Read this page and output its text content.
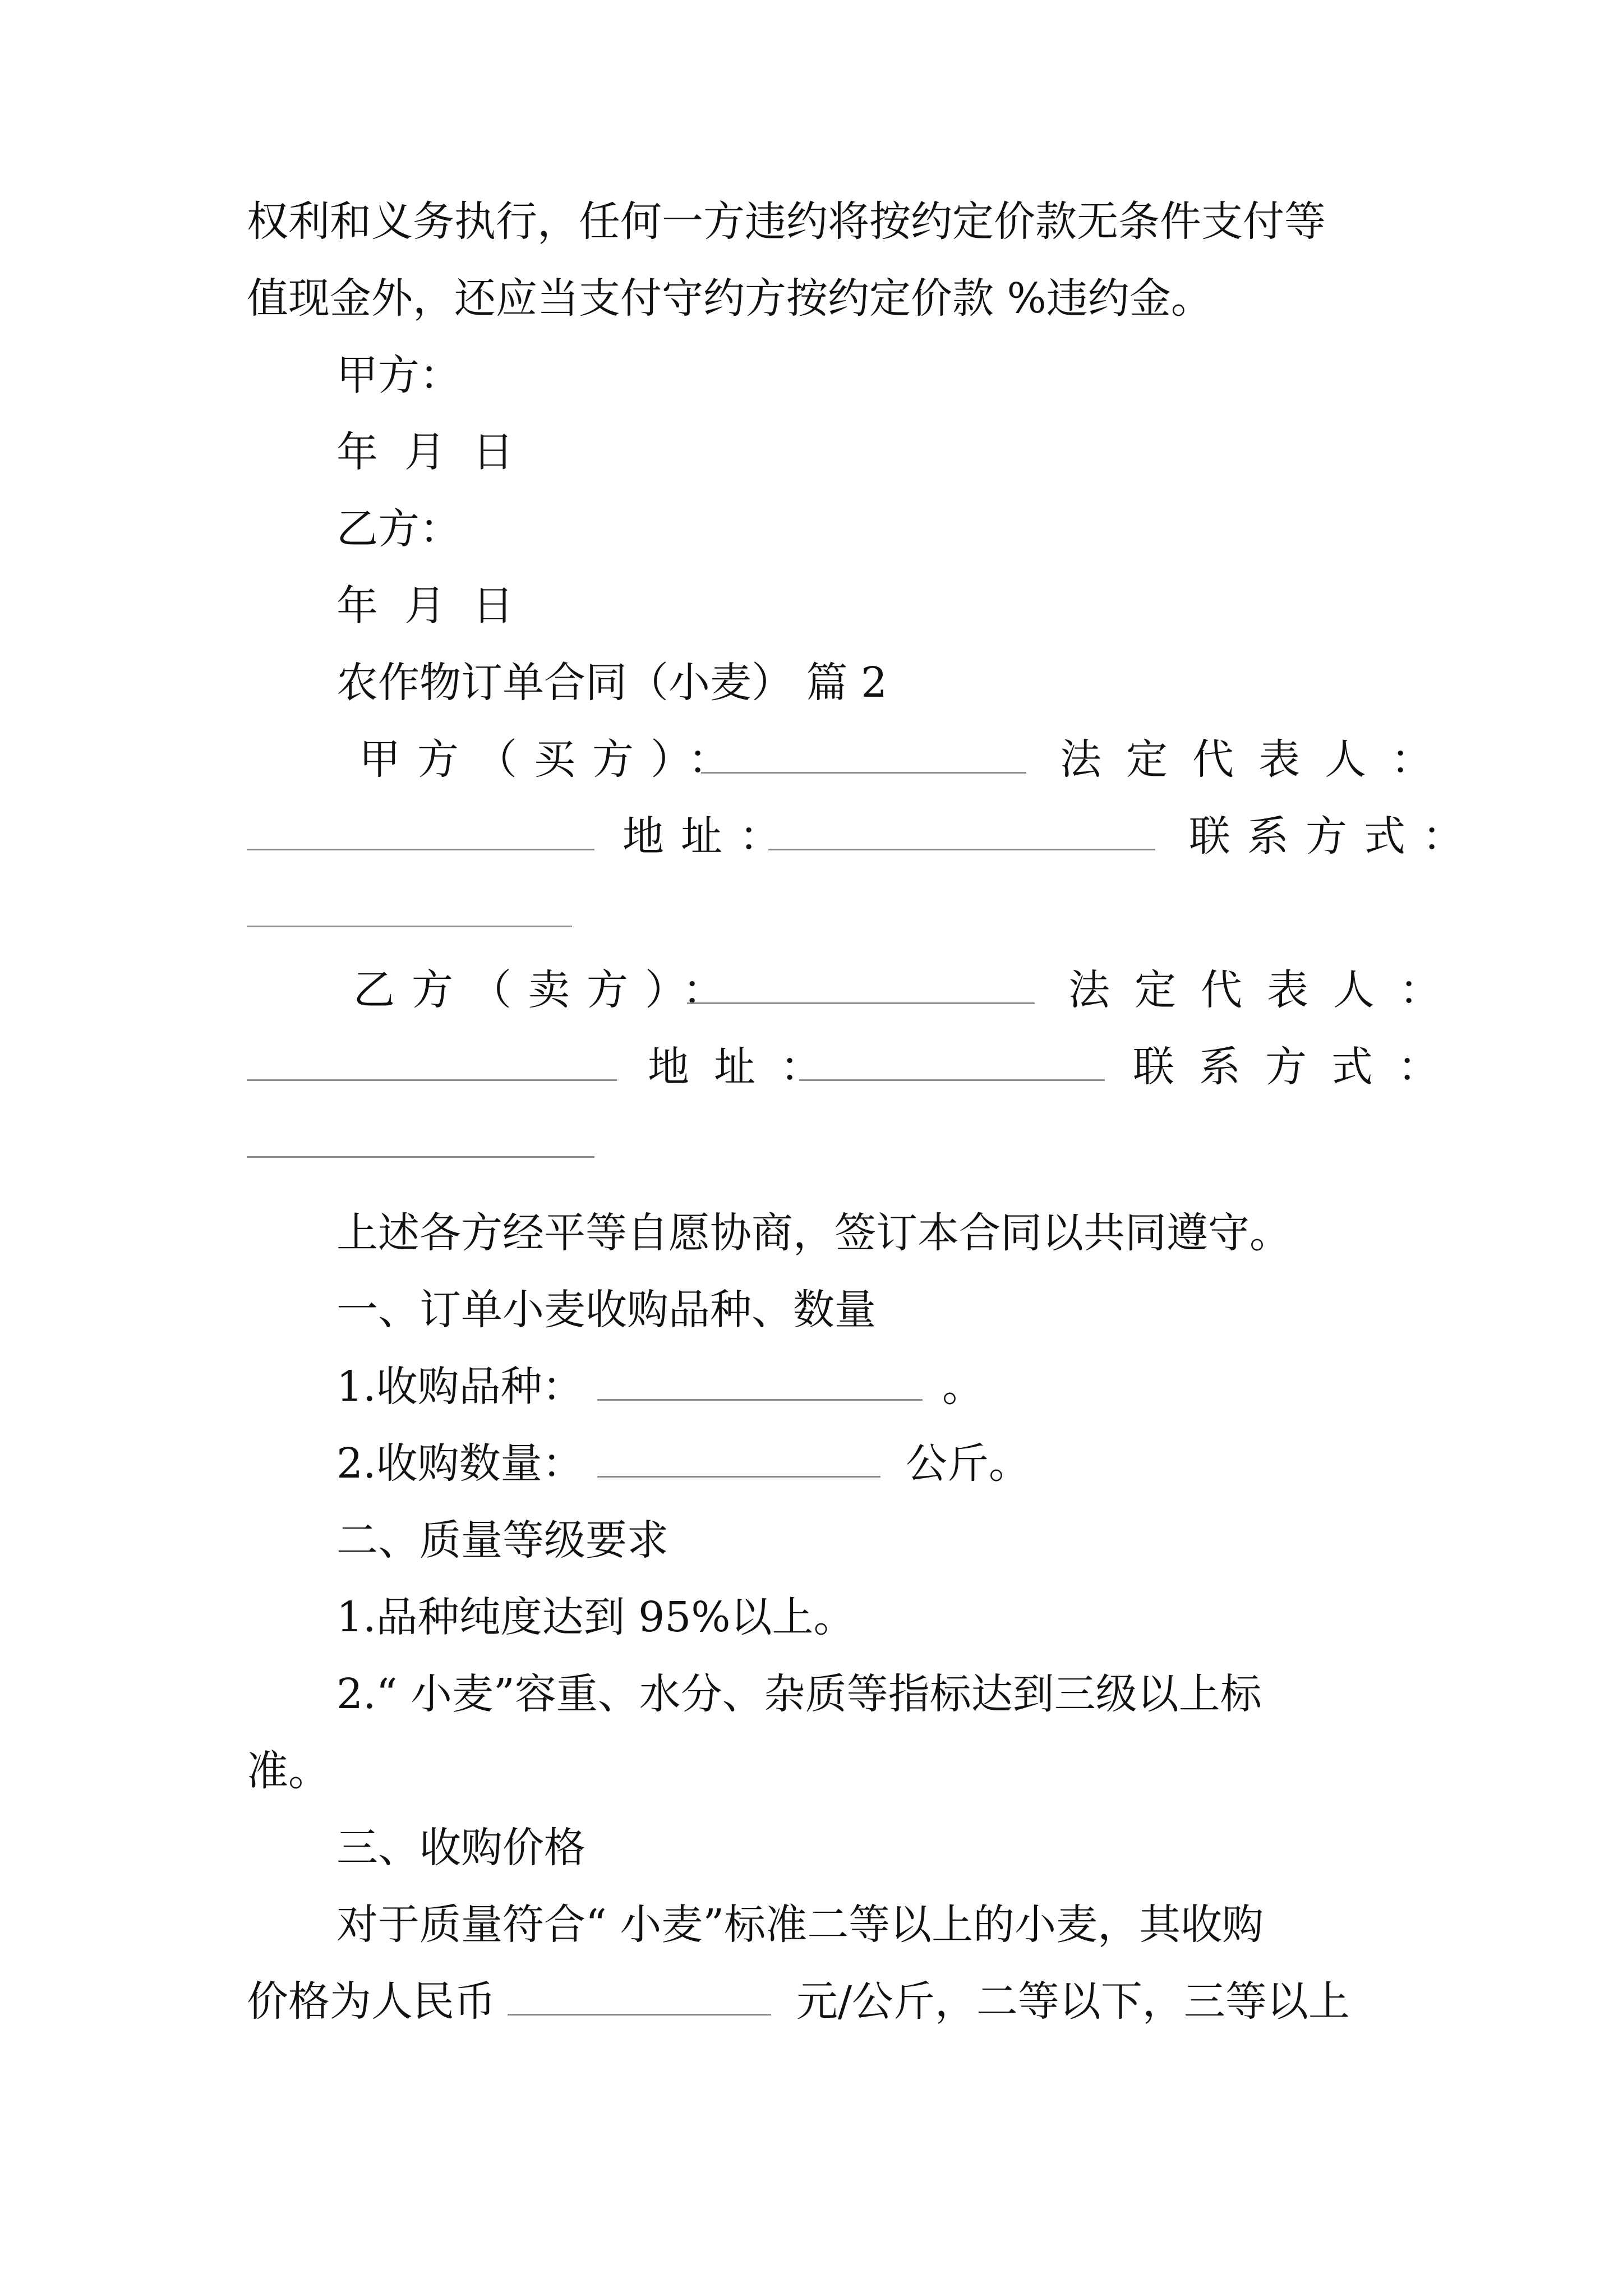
权利和义务执行，任何一方违约将按约定价款无条件支付等
值现金外，还应当支付守约方按约定价款 %违约金。
甲方：
年  月  日
乙方：
年  月  日
农作物订单合同（小麦） 篇 2
甲方（买方）：	法定代表人：
地址：	联系方式：
乙方（卖方）：	法定代表人：
地址：	联系方式：
上述各方经平等自愿协商，签订本合同以共同遵守。
一、订单小麦收购品种、数量
1.收购品种：	。
2.收购数量：	公斤。
二、质量等级要求
1.品种纯度达到 95%以上。
2.“ 小麦”容重、水分、杂质等指标达到三级以上标
准。
三、收购价格
对于质量符合“ 小麦”标准二等以上的小麦，其收购
价格为人民币	元/公斤，二等以下，三等以上
